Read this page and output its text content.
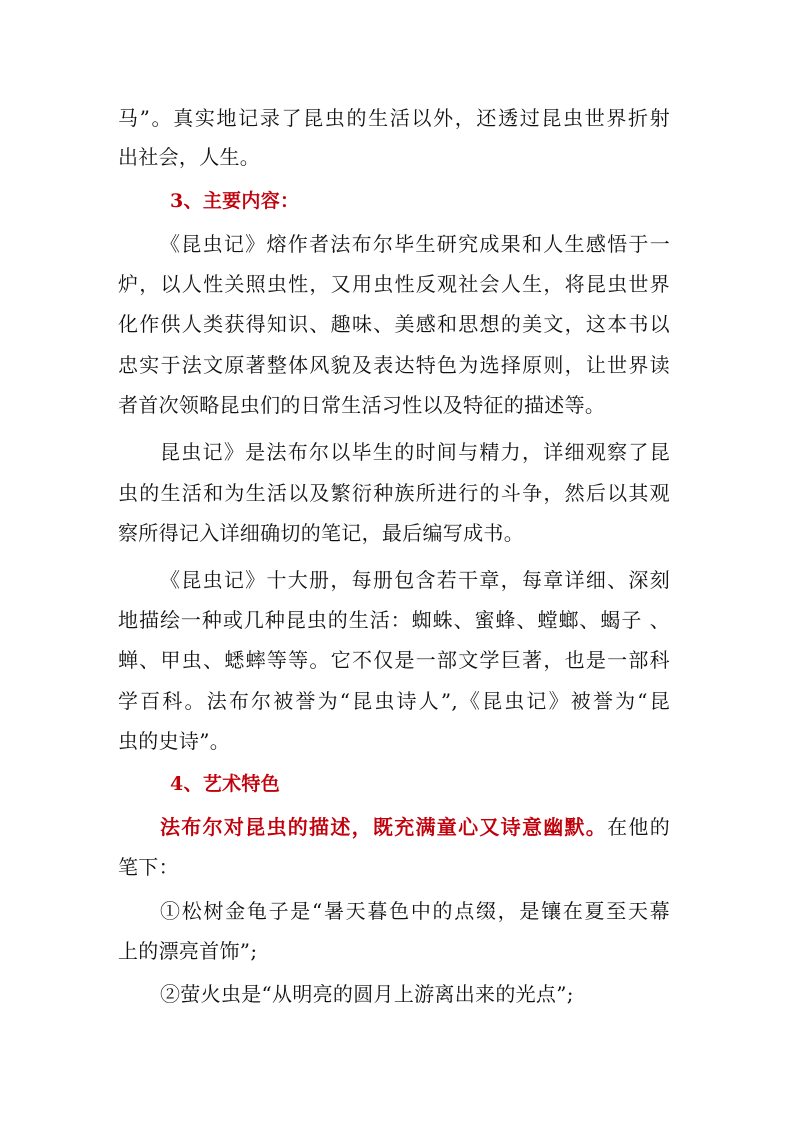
马”。真实地记录了昆虫的生活以外，还透过昆虫世界折射
出社会，人生。
3、主要内容：
《昆虫记》熔作者法布尔毕生研究成果和人生感悟于一
炉，以人性关照虫性，又用虫性反观社会人生，将昆虫世界
化作供人类获得知识、趣味、美感和思想的美文，这本书以
忠实于法文原著整体风貌及表达特色为选择原则，让世界读
者首次领略昆虫们的日常生活习性以及特征的描述等。
昆虫记》是法布尔以毕生的时间与精力，详细观察了昆
虫的生活和为生活以及繁衍种族所进行的斗争，然后以其观
察所得记入详细确切的笔记，最后编写成书。
《昆虫记》十大册，每册包含若干章，每章详细、深刻
地描绘一种或几种昆虫的生活：蜘蛛、蜜蜂、螳螂、蝎子 、
蝉、甲虫、蟋蟀等等。它不仅是一部文学巨著，也是一部科
学百科。法布尔被誉为“昆虫诗人”,《昆虫记》被誉为“昆
虫的史诗”。
4、艺术特色
法布尔对昆虫的描述，既充满童心又诗意幽默。在他的
笔下：
①松树金龟子是“暑天暮色中的点缀，是镶在夏至天幕
上的漂亮首饰”;
②萤火虫是“从明亮的圆月上游离出来的光点”;
